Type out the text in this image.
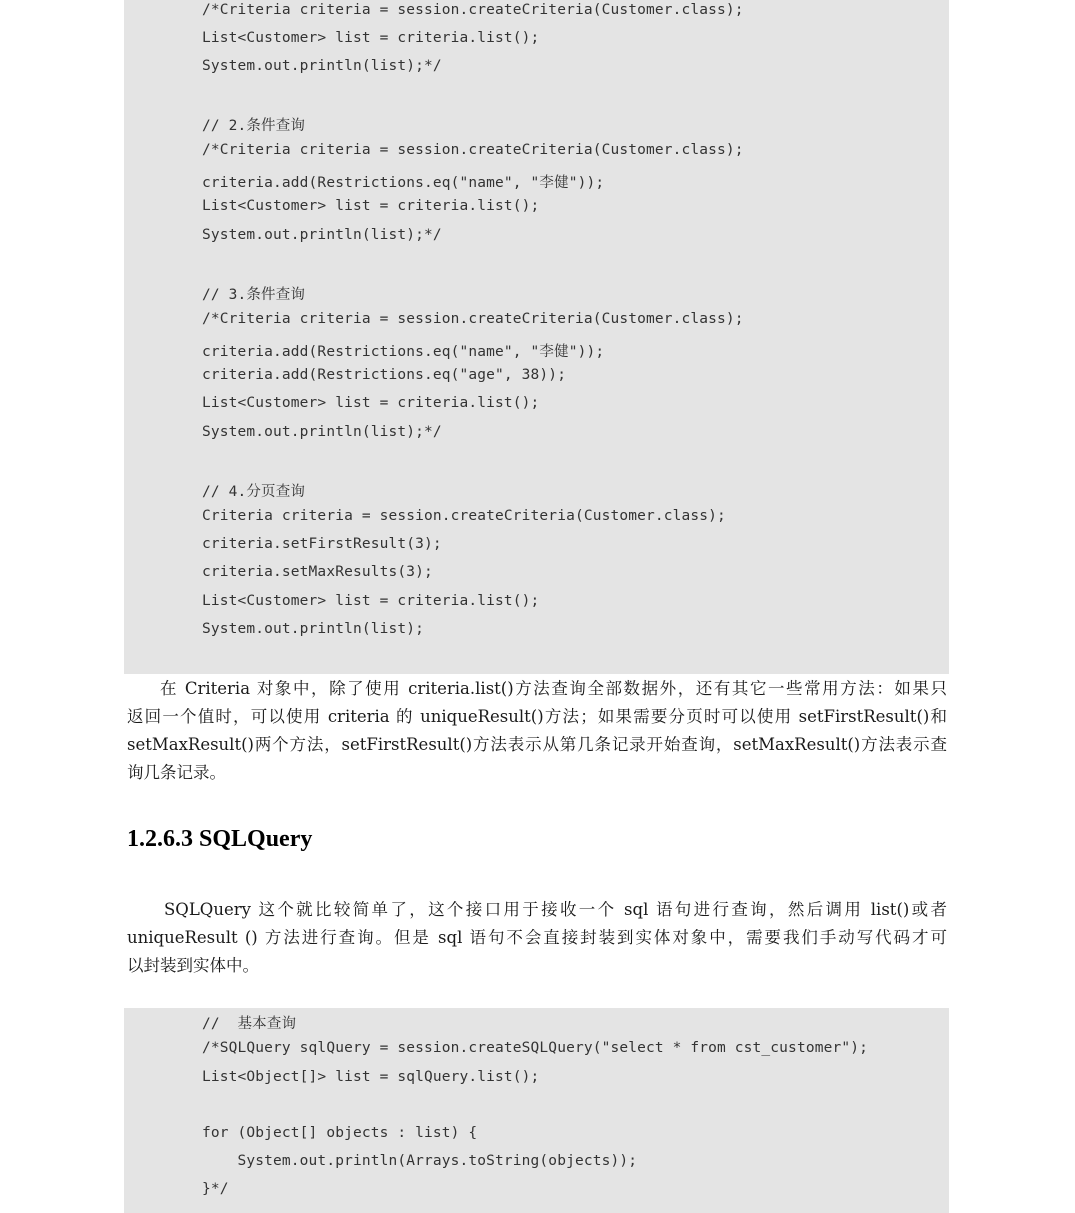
/*Criteria criteria = session.createCriteria(Customer.class);
List<Customer> list = criteria.list();
System.out.println(list);*/
// 2.条件查询
/*Criteria criteria = session.createCriteria(Customer.class);
criteria.add(Restrictions.eq("name", "李健"));
List<Customer> list = criteria.list();
System.out.println(list);*/
// 3.条件查询
/*Criteria criteria = session.createCriteria(Customer.class);
criteria.add(Restrictions.eq("name", "李健"));
criteria.add(Restrictions.eq("age", 38));
List<Customer> list = criteria.list();
System.out.println(list);*/
// 4.分页查询
Criteria criteria = session.createCriteria(Customer.class);
criteria.setFirstResult(3);
criteria.setMaxResults(3);
List<Customer> list = criteria.list();
System.out.println(list);
在 Criteria 对象中，除了使用 criteria.list()方法查询全部数据外，还有其它一些常用方法：如果只
返回一个值时，可以使用 criteria 的 uniqueResult()方法；如果需要分页时可以使用 setFirstResult()和
setMaxResult()两个方法，setFirstResult()方法表示从第几条记录开始查询，setMaxResult()方法表示查
询几条记录。
1.2.6.3 SQLQuery
SQLQuery 这个就比较简单了，这个接口用于接收一个 sql 语句进行查询，然后调用 list()或者
uniqueResult () 方法进行查询。但是 sql 语句不会直接封装到实体对象中，需要我们手动写代码才可
以封装到实体中。
//  基本查询
/*SQLQuery sqlQuery = session.createSQLQuery("select * from cst_customer");
List<Object[]> list = sqlQuery.list();
for (Object[] objects : list) {
System.out.println(Arrays.toString(objects));
}*/
